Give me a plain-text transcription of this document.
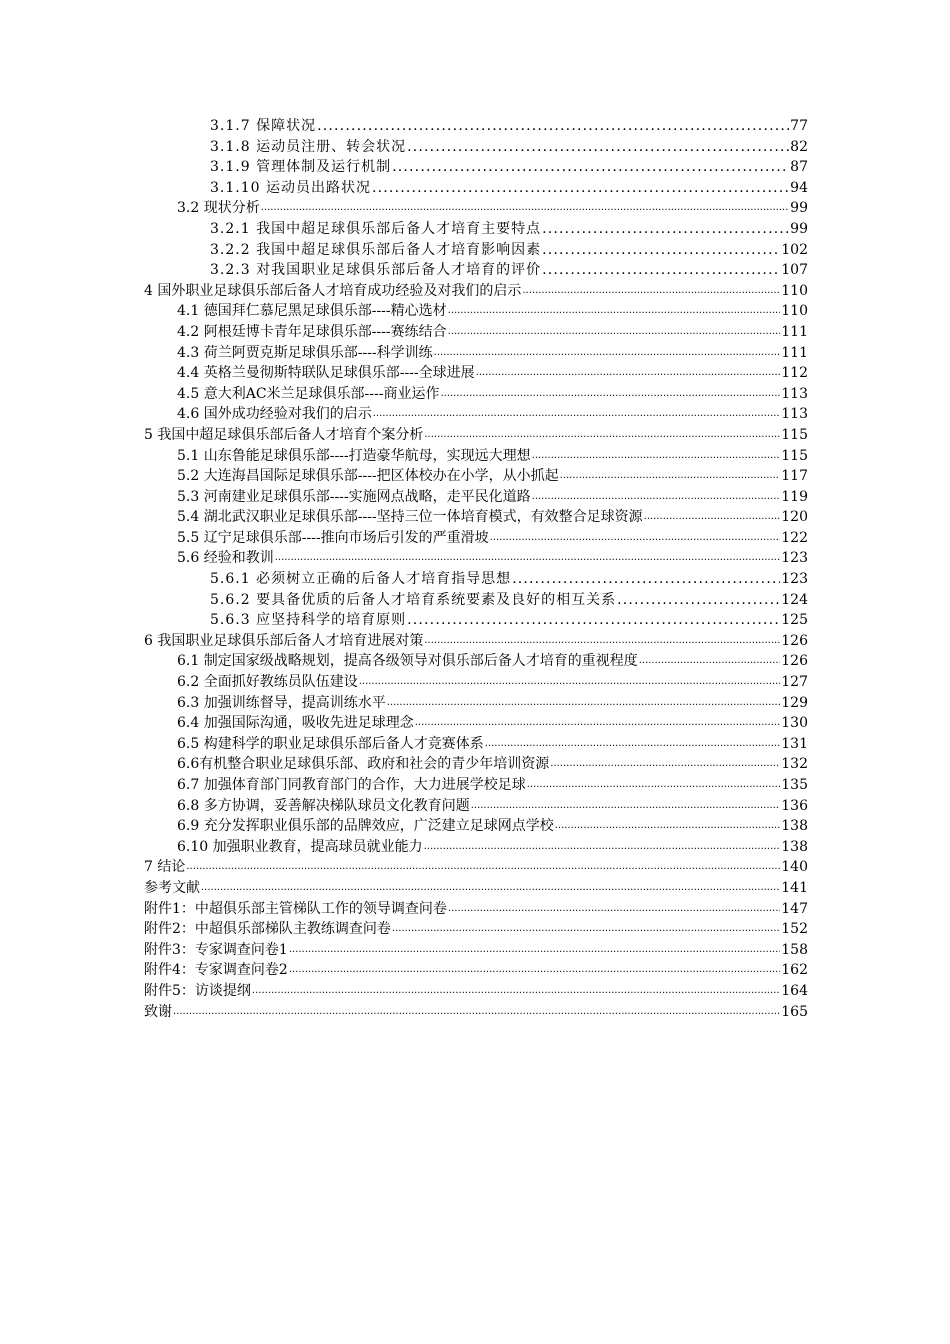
3.1.7 保障状况 .....	77
3.1.8 运动员注册、转会状况 .....	82
3.1.9 管理体制及运行机制 .....	87
3.1.10 运动员出路状况 .....	94
3.2 现状分析 .....	99
3.2.1 我国中超足球俱乐部后备人才培育主要特点 .....	99
3.2.2 我国中超足球俱乐部后备人才培育影响因素 .....	102
3.2.3 对我国职业足球俱乐部后备人才培育的评价 .....	107
4 国外职业足球俱乐部后备人才培育成功经验及对我们的启示 .....	110
4.1 德国拜仁慕尼黑足球俱乐部----精心选材 .....	110
4.2 阿根廷博卡青年足球俱乐部----赛练结合 .....	111
4.3 荷兰阿贾克斯足球俱乐部----科学训练 .....	111
4.4 英格兰曼彻斯特联队足球俱乐部----全球进展 .....	112
4.5 意大利AC米兰足球俱乐部----商业运作 .....	113
4.6 国外成功经验对我们的启示 .....	113
5 我国中超足球俱乐部后备人才培育个案分析 .....	115
5.1 山东鲁能足球俱乐部----打造豪华航母，实现远大理想 .....	115
5.2 大连海昌国际足球俱乐部----把区体校办在小学，从小抓起 .....	117
5.3 河南建业足球俱乐部----实施网点战略，走平民化道路 .....	119
5.4 湖北武汉职业足球俱乐部----坚持三位一体培育模式，有效整合足球资源 .....	120
5.5 辽宁足球俱乐部----推向市场后引发的严重滑坡 .....	122
5.6 经验和教训 .....	123
5.6.1 必须树立正确的后备人才培育指导思想 .....	123
5.6.2 要具备优质的后备人才培育系统要素及良好的相互关系 .....	124
5.6.3 应坚持科学的培育原则 .....	125
6 我国职业足球俱乐部后备人才培育进展对策 .....	126
6.1 制定国家级战略规划，提高各级领导对俱乐部后备人才培育的重视程度 .....	126
6.2 全面抓好教练员队伍建设 .....	127
6.3 加强训练督导，提高训练水平 .....	129
6.4 加强国际沟通，吸收先进足球理念 .....	130
6.5 构建科学的职业足球俱乐部后备人才竞赛体系 .....	131
6.6有机整合职业足球俱乐部、政府和社会的青少年培训资源 .....	132
6.7 加强体育部门同教育部门的合作，大力进展学校足球 .....	135
6.8 多方协调，妥善解决梯队球员文化教育问题 .....	136
6.9 充分发挥职业俱乐部的品牌效应，广泛建立足球网点学校 .....	138
6.10 加强职业教育，提高球员就业能力 .....	138
7 结论 .....	140
参考文献 .....	141
附件1：中超俱乐部主管梯队工作的领导调查问卷 .....	147
附件2：中超俱乐部梯队主教练调查问卷 .....	152
附件3：专家调查问卷1 .....	158
附件4：专家调查问卷2 .....	162
附件5：访谈提纲 .....	164
致谢 .....	165
